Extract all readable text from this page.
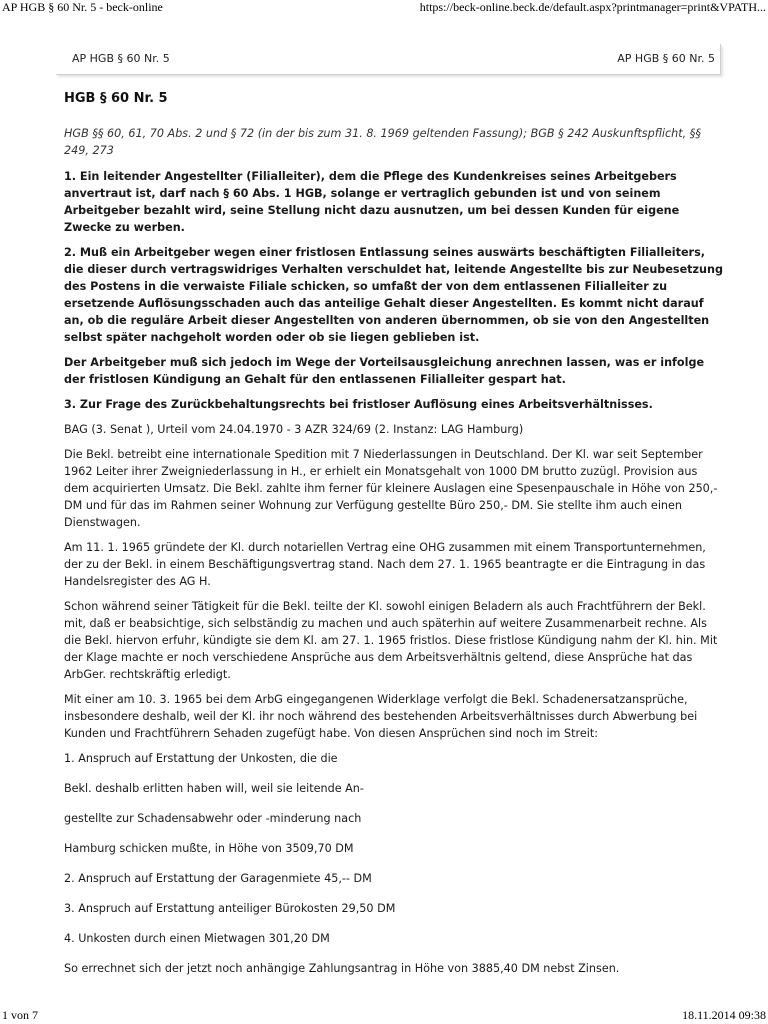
AP HGB § 60 Nr. 5 - beck-online	https://beck-online.beck.de/default.aspx?printmanager=print&VPATH...
AP HGB § 60 Nr. 5	AP HGB § 60 Nr. 5
HGB § 60 Nr. 5

HGB §§ 60, 61, 70 Abs. 2 und § 72 (in der bis zum 31. 8. 1969 geltenden Fassung); BGB § 242 Auskunftspflicht, §§ 249, 273

1. Ein leitender Angestellter (Filialleiter), dem die Pflege des Kundenkreises seines Arbeitgebers anvertraut ist, darf nach § 60 Abs. 1 HGB, solange er vertraglich gebunden ist und von seinem Arbeitgeber bezahlt wird, seine Stellung nicht dazu ausnutzen, um bei dessen Kunden für eigene Zwecke zu werben.

2. Muß ein Arbeitgeber wegen einer fristlosen Entlassung seines auswärts beschäftigten Filialleiters, die dieser durch vertragswidriges Verhalten verschuldet hat, leitende Angestellte bis zur Neubesetzung des Postens in die verwaiste Filiale schicken, so umfaßt der von dem entlassenen Filialleiter zu ersetzende Auflösungsschaden auch das anteilige Gehalt dieser Angestellten. Es kommt nicht darauf an, ob die reguläre Arbeit dieser Angestellten von anderen übernommen, ob sie von den Angestellten selbst später nachgeholt worden oder ob sie liegen geblieben ist.

Der Arbeitgeber muß sich jedoch im Wege der Vorteilsausgleichung anrechnen lassen, was er infolge der fristlosen Kündigung an Gehalt für den entlassenen Filialleiter gespart hat.

3. Zur Frage des Zurückbehaltungsrechts bei fristloser Auflösung eines Arbeitsverhältnisses.

BAG (3. Senat ), Urteil vom 24.04.1970 - 3 AZR 324/69 (2. Instanz: LAG Hamburg)

Die Bekl. betreibt eine internationale Spedition mit 7 Niederlassungen in Deutschland. Der Kl. war seit September 1962 Leiter ihrer Zweigniederlassung in H., er erhielt ein Monatsgehalt von 1000 DM brutto zuzügl. Provision aus dem acquirierten Umsatz. Die Bekl. zahlte ihm ferner für kleinere Auslagen eine Spesenpauschale in Höhe von 250,- DM und für das im Rahmen seiner Wohnung zur Verfügung gestellte Büro 250,- DM. Sie stellte ihm auch einen Dienstwagen.

Am 11. 1. 1965 gründete der Kl. durch notariellen Vertrag eine OHG zusammen mit einem Transportunternehmen, der zu der Bekl. in einem Beschäftigungsvertrag stand. Nach dem 27. 1. 1965 beantragte er die Eintragung in das Handelsregister des AG H.

Schon während seiner Tätigkeit für die Bekl. teilte der Kl. sowohl einigen Beladern als auch Frachtführern der Bekl. mit, daß er beabsichtige, sich selbständig zu machen und auch späterhin auf weitere Zusammenarbeit rechne. Als die Bekl. hiervon erfuhr, kündigte sie dem Kl. am 27. 1. 1965 fristlos. Diese fristlose Kündigung nahm der Kl. hin. Mit der Klage machte er noch verschiedene Ansprüche aus dem Arbeitsverhältnis geltend, diese Ansprüche hat das ArbGer. rechtskräftig erledigt.

Mit einer am 10. 3. 1965 bei dem ArbG eingegangenen Widerklage verfolgt die Bekl. Schadenersatzansprüche, insbesondere deshalb, weil der Kl. ihr noch während des bestehenden Arbeitsverhältnisses durch Abwerbung bei Kunden und Frachtführern Sehaden zugefügt habe. Von diesen Ansprüchen sind noch im Streit:

1. Anspruch auf Erstattung der Unkosten, die die

Bekl. deshalb erlitten haben will, weil sie leitende An-

gestellte zur Schadensabwehr oder -minderung nach

Hamburg schicken mußte, in Höhe von 3509,70 DM

2. Anspruch auf Erstattung der Garagenmiete 45,-- DM

3. Anspruch auf Erstattung anteiliger Bürokosten 29,50 DM

4. Unkosten durch einen Mietwagen 301,20 DM

So errechnet sich der jetzt noch anhängige Zahlungsantrag in Höhe von 3885,40 DM nebst Zinsen.

1 von 7	18.11.2014 09:38
